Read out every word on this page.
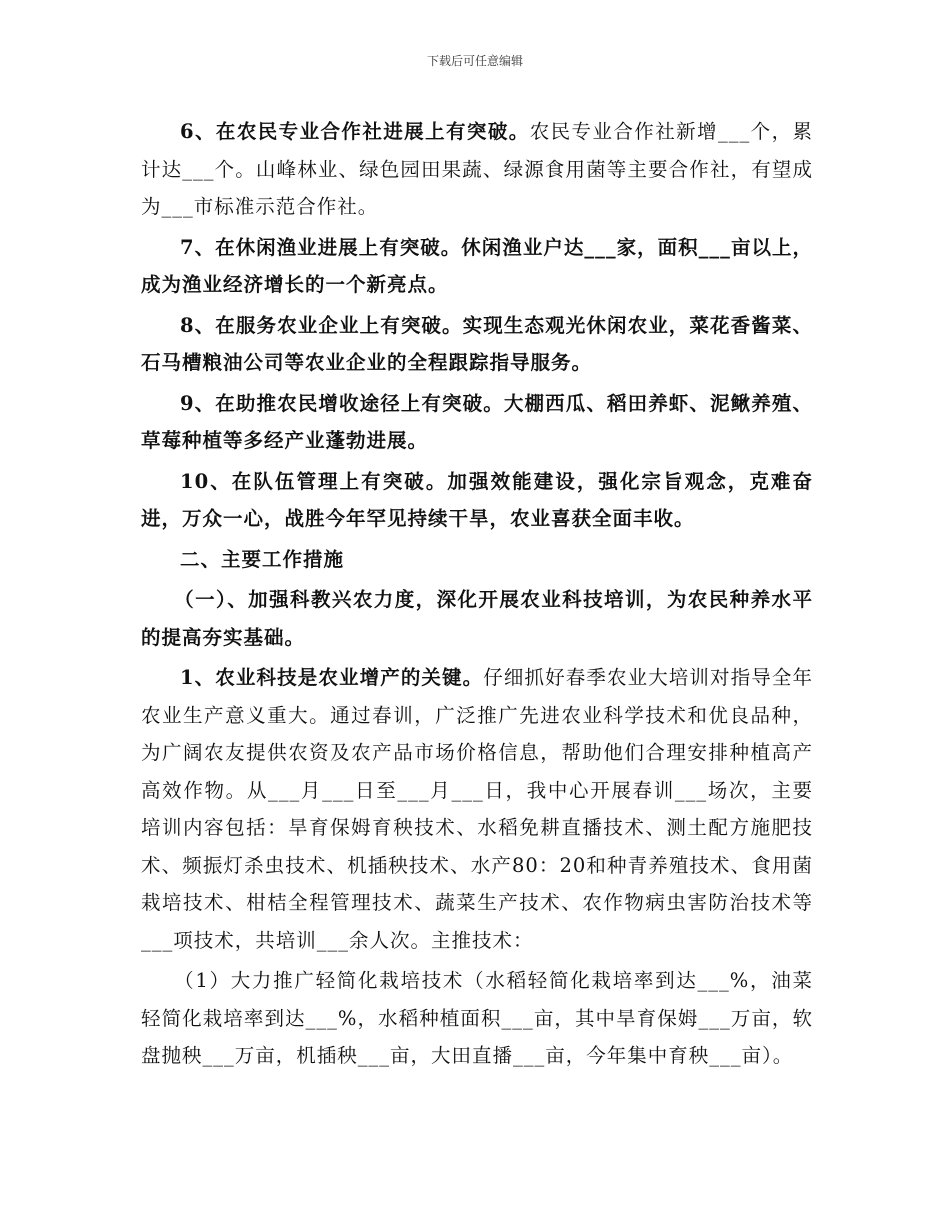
下载后可任意编辑

6、在农民专业合作社进展上有突破。农民专业合作社新增___个，累计达___个。山峰林业、绿色园田果蔬、绿源食用菌等主要合作社，有望成为___市标准示范合作社。

7、在休闲渔业进展上有突破。休闲渔业户达___家，面积___亩以上，成为渔业经济增长的一个新亮点。

8、在服务农业企业上有突破。实现生态观光休闲农业，菜花香酱菜、石马槽粮油公司等农业企业的全程跟踪指导服务。

9、在助推农民增收途径上有突破。大棚西瓜、稻田养虾、泥鳅养殖、草莓种植等多经产业蓬勃进展。

10、在队伍管理上有突破。加强效能建设，强化宗旨观念，克难奋进，万众一心，战胜今年罕见持续干旱，农业喜获全面丰收。

二、主要工作措施

（一）、加强科教兴农力度，深化开展农业科技培训，为农民种养水平的提高夯实基础。

1、农业科技是农业增产的关键。仔细抓好春季农业大培训对指导全年农业生产意义重大。通过春训，广泛推广先进农业科学技术和优良品种，为广阔农友提供农资及农产品市场价格信息，帮助他们合理安排种植高产高效作物。从___月___日至___月___日，我中心开展春训___场次，主要培训内容包括：旱育保姆育秧技术、水稻免耕直播技术、测土配方施肥技术、频振灯杀虫技术、机插秧技术、水产80：20和种青养殖技术、食用菌栽培技术、柑桔全程管理技术、蔬菜生产技术、农作物病虫害防治技术等___项技术，共培训___余人次。主推技术：

（1）大力推广轻简化栽培技术（水稻轻简化栽培率到达___%，油菜轻简化栽培率到达___%，水稻种植面积___亩，其中旱育保姆___万亩，软盘抛秧___万亩，机插秧___亩，大田直播___亩，今年集中育秧___亩）。
